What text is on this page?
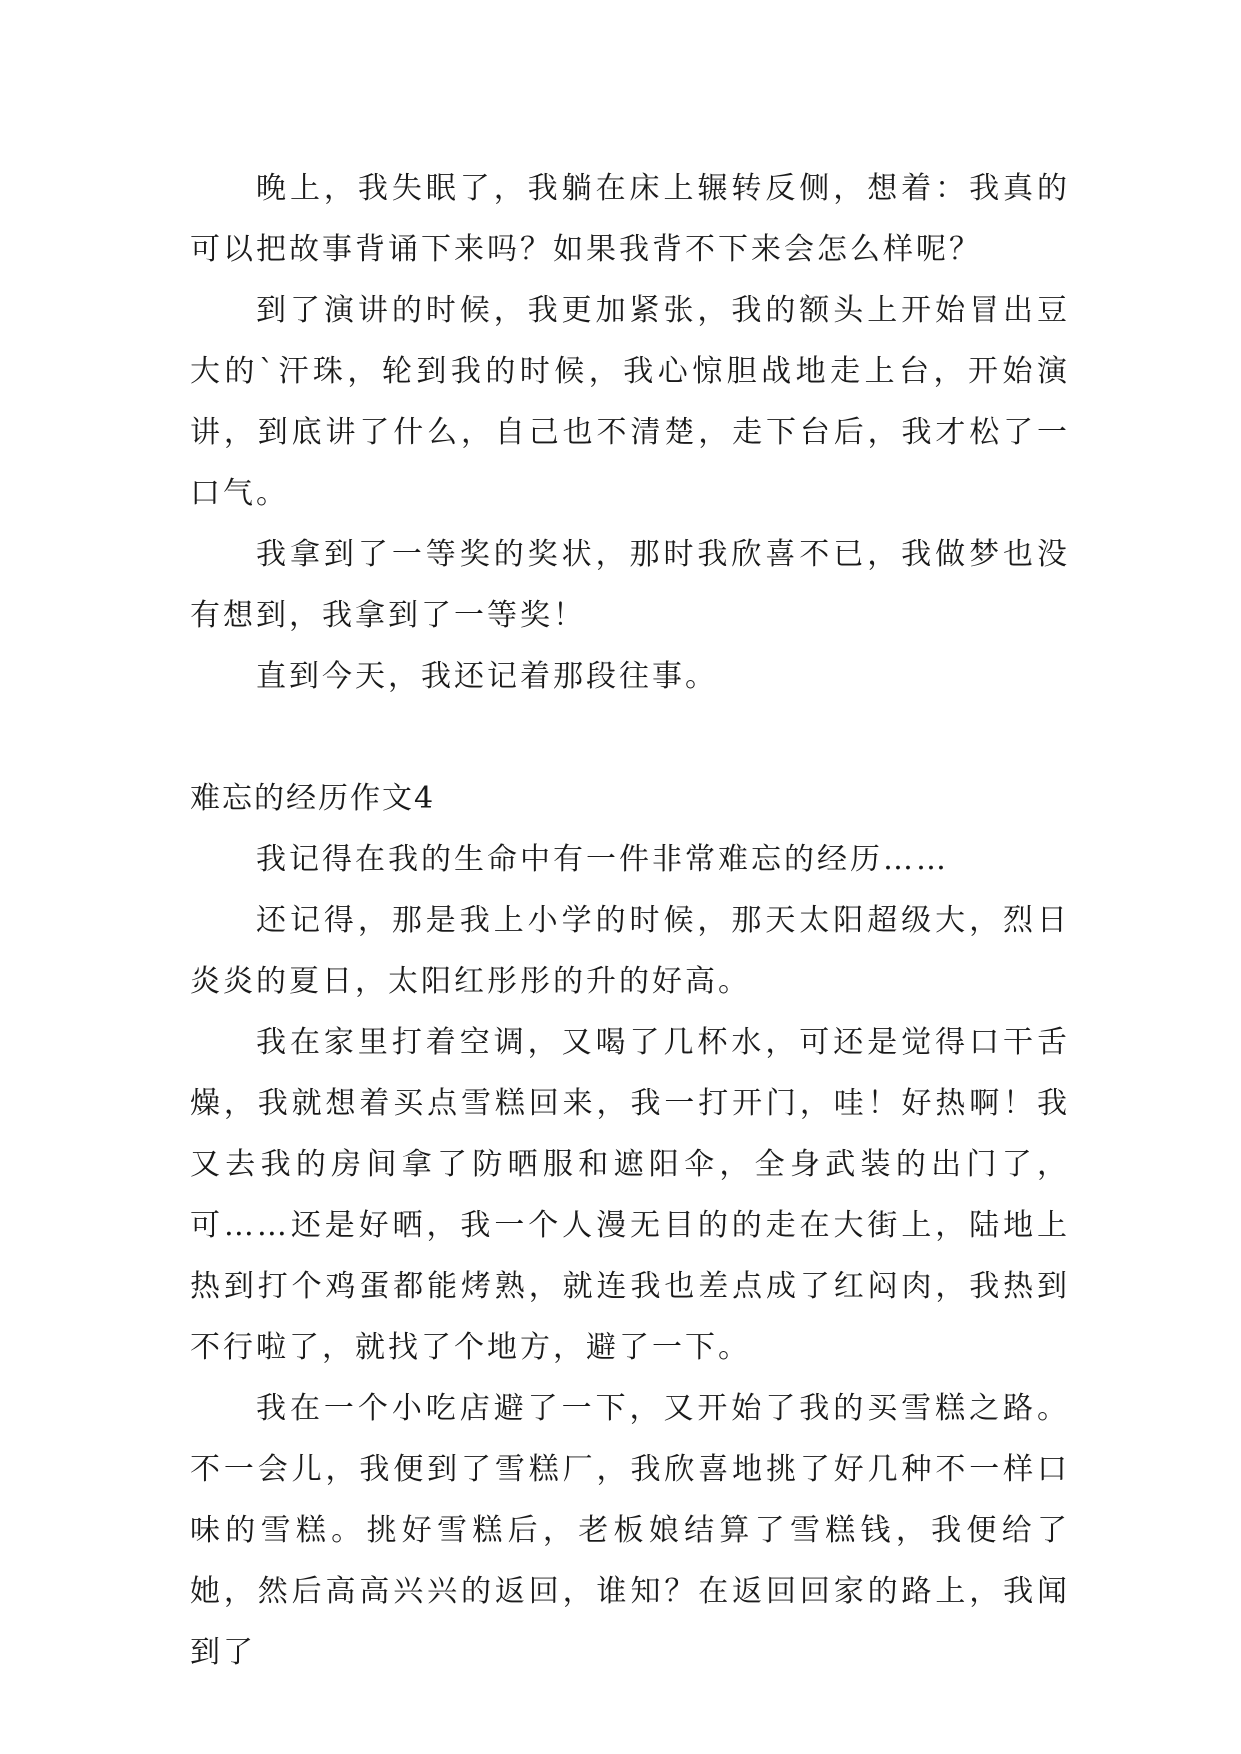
晚上，我失眠了，我躺在床上辗转反侧，想着：我真的可以把故事背诵下来吗？如果我背不下来会怎么样呢？

到了演讲的时候，我更加紧张，我的额头上开始冒出豆大的`汗珠，轮到我的时候，我心惊胆战地走上台，开始演讲，到底讲了什么，自己也不清楚，走下台后，我才松了一口气。

我拿到了一等奖的奖状，那时我欣喜不已，我做梦也没有想到，我拿到了一等奖！

直到今天，我还记着那段往事。

难忘的经历作文4

我记得在我的生命中有一件非常难忘的经历……

还记得，那是我上小学的时候，那天太阳超级大，烈日炎炎的夏日，太阳红彤彤的升的好高。

我在家里打着空调，又喝了几杯水，可还是觉得口干舌燥，我就想着买点雪糕回来，我一打开门，哇！好热啊！我又去我的房间拿了防晒服和遮阳伞，全身武装的出门了，可……还是好晒，我一个人漫无目的的走在大街上，陆地上热到打个鸡蛋都能烤熟，就连我也差点成了红闷肉，我热到不行啦了，就找了个地方，避了一下。

我在一个小吃店避了一下，又开始了我的买雪糕之路。不一会儿，我便到了雪糕厂，我欣喜地挑了好几种不一样口味的雪糕。挑好雪糕后，老板娘结算了雪糕钱，我便给了她，然后高高兴兴的返回，谁知？在返回回家的路上，我闻到了
